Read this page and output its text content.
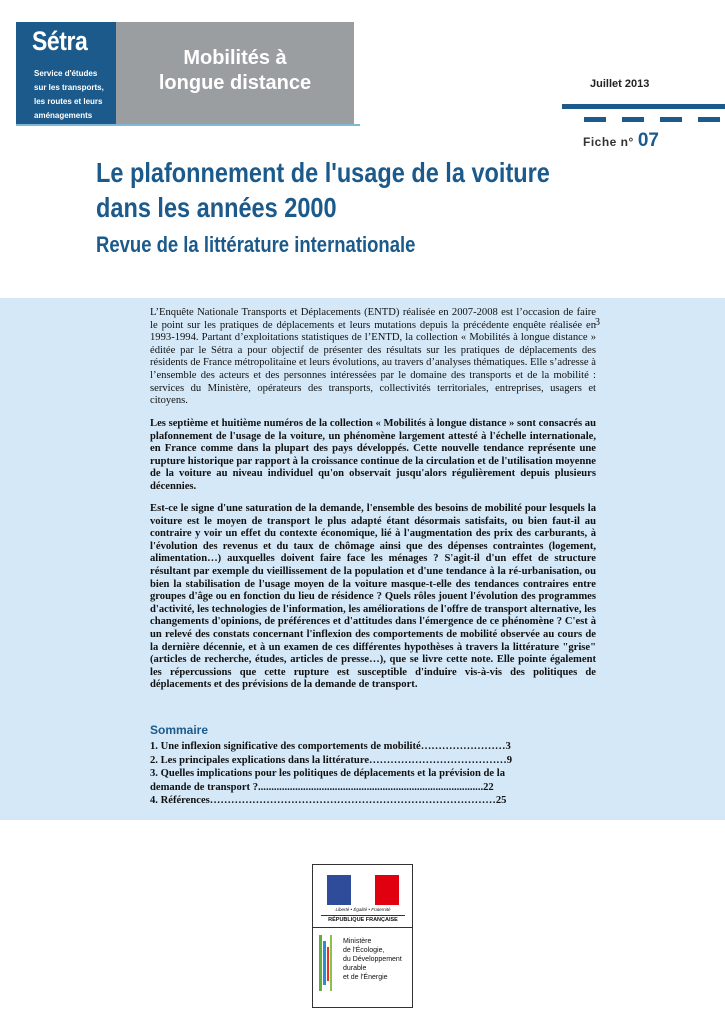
Sétra
Service d'études
sur les transports,
les routes et leurs
aménagements
Mobilités à
longue distance	Juillet 2013
Fiche n° 07
Le plafonnement de l'usage de la voiture
dans les années 2000
Revue de la littérature internationale
L’Enquête Nationale Transports et Déplacements (ENTD) réalisée en 2007-2008 est l’occasion de faire le point sur les pratiques de déplacements et leurs mutations depuis la précédente enquête réalisée en 1993-1994. Partant d’exploitations statistiques de l’ENTD, la collection « Mobilités à longue distance » éditée par le Sétra a pour objectif de présenter des résultats sur les pratiques de déplacements des résidents de France métropolitaine et leurs évolutions, au travers d’analyses thématiques. Elle s’adresse à l’ensemble des acteurs et des personnes intéressées par le domaine des transports et de la mobilité : services du Ministère, opérateurs des transports, collectivités territoriales, entreprises, usagers et citoyens.
3
Les septième et huitième numéros de la collection « Mobilités à longue distance » sont consacrés au plafonnement de l'usage de la voiture, un phénomène largement attesté à l'échelle internationale, en France comme dans la plupart des pays développés. Cette nouvelle tendance représente une rupture historique par rapport à la croissance continue de la circulation et de l'utilisation moyenne de la voiture au niveau individuel qu'on observait jusqu'alors régulièrement depuis plusieurs décennies.
Est-ce le signe d'une saturation de la demande, l'ensemble des besoins de mobilité pour lesquels la voiture est le moyen de transport le plus adapté étant désormais satisfaits, ou bien faut-il au contraire y voir un effet du contexte économique, lié à l'augmentation des prix des carburants, à l'évolution des revenus et du taux de chômage ainsi que des dépenses contraintes (logement, alimentation…) auxquelles doivent faire face les ménages ? S'agit-il d'un effet de structure résultant par exemple du vieillissement de la population et d'une tendance à la ré-urbanisation, ou bien la stabilisation de l'usage moyen de la voiture masque-t-elle des tendances contraires entre groupes d'âge ou en fonction du lieu de résidence ? Quels rôles jouent l'évolution des programmes d'activité, les technologies de l'information, les améliorations de l'offre de transport alternative, les changements d'opinions, de préférences et d'attitudes dans l'émergence de ce phénomène ? C'est à un relevé des constats concernant l'inflexion des comportements de mobilité observée au cours de la dernière décennie, et à un examen de ces différentes hypothèses à travers la littérature "grise" (articles de recherche, études, articles de presse…), que se livre cette note. Elle pointe également les répercussions que cette rupture est susceptible d'induire vis-à-vis des politiques de déplacements et des prévisions de la demande de transport.
Sommaire
1. Une inflexion significative des comportements de mobilité……………………3
2. Les principales explications dans la littérature…………………………………9
3. Quelles implications pour les politiques de déplacements et la prévision de la
demande de transport ?.....................................................................................22
4. Références………………………………………………………………………25
Liberté • Égalité • Fraternité
RÉPUBLIQUE FRANÇAISE
Ministère
de l'Écologie,
du Développement
durable
et de l'Énergie
